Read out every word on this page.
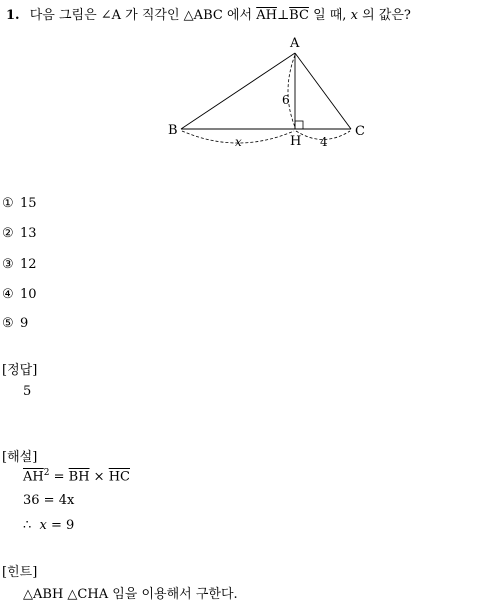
1. 다음 그림은 ∠A 가 직각인 △ABC 에서 $\overline{AH}\perp\overline{BC}$ 일 때, x 의 값은?
A
B	C
H
6
x	4
① 15
② 13
③ 12
④ 10
⑤ 9
[정답]
5
[해설]
$\overline{AH}^2 = \overline{BH} \times \overline{HC}$
36 = 4x
∴ x = 9
[힌트]
△ABH △CHA 임을 이용해서 구한다.
